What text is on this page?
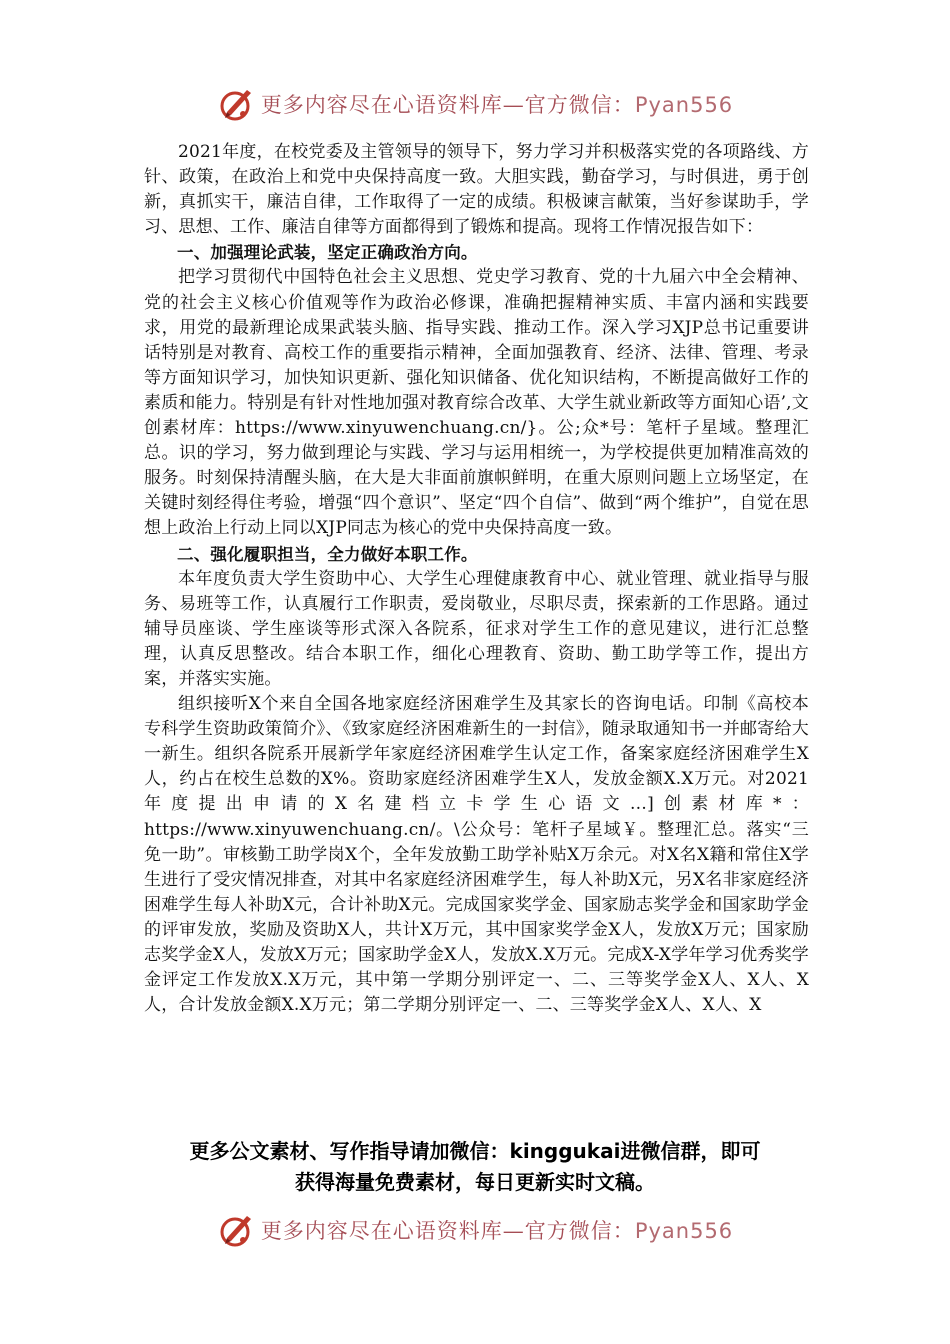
更多内容尽在心语资料库—官方微信：Pyan556

2021年度，在校党委及主管领导的领导下，努力学习并积极落实党的各项路线、方针、政策，在政治上和党中央保持高度一致。大胆实践，勤奋学习，与时俱进，勇于创新，真抓实干，廉洁自律，工作取得了一定的成绩。积极谏言献策，当好参谋助手，学习、思想、工作、廉洁自律等方面都得到了锻炼和提高。现将工作情况报告如下：

一、加强理论武装，坚定正确政治方向。

把学习贯彻代中国特色社会主义思想、党史学习教育、党的十九届六中全会精神、党的社会主义核心价值观等作为政治必修课，准确把握精神实质、丰富内涵和实践要求，用党的最新理论成果武装头脑、指导实践、推动工作。深入学习XJP总书记重要讲话特别是对教育、高校工作的重要指示精神，全面加强教育、经济、法律、管理、考录等方面知识学习，加快知识更新、强化知识储备、优化知识结构，不断提高做好工作的素质和能力。特别是有针对性地加强对教育综合改革、大学生就业新政等方面知心语’,文创素材库：https://www.xinyuwenchuang.cn/}。公;众*号：笔杆子星域。整理汇总。识的学习，努力做到理论与实践、学习与运用相统一，为学校提供更加精准高效的服务。时刻保持清醒头脑，在大是大非面前旗帜鲜明，在重大原则问题上立场坚定，在关键时刻经得住考验，增强“四个意识”、坚定“四个自信”、做到“两个维护”，自觉在思想上政治上行动上同以XJP同志为核心的党中央保持高度一致。

二、强化履职担当，全力做好本职工作。

本年度负责大学生资助中心、大学生心理健康教育中心、就业管理、就业指导与服务、易班等工作，认真履行工作职责，爱岗敬业，尽职尽责，探索新的工作思路。通过辅导员座谈、学生座谈等形式深入各院系，征求对学生工作的意见建议，进行汇总整理，认真反思整改。结合本职工作，细化心理教育、资助、勤工助学等工作，提出方案，并落实实施。

组织接听X个来自全国各地家庭经济困难学生及其家长的咨询电话。印制《高校本专科学生资助政策简介》、《致家庭经济困难新生的一封信》，随录取通知书一并邮寄给大一新生。组织各院系开展新学年家庭经济困难学生认定工作，备案家庭经济困难学生X人，约占在校生总数的X%。资助家庭经济困难学生X人，发放金额X.X万元。对2021年度提出申请的X名建档立卡学生心语文…]创素材库*：https://www.xinyuwenchuang.cn/。\公众号：笔杆子星域￥。整理汇总。落实“三免一助”。审核勤工助学岗X个，全年发放勤工助学补贴X万余元。对X名X籍和常住X学生进行了受灾情况排查，对其中名家庭经济困难学生，每人补助X元，另X名非家庭经济困难学生每人补助X元，合计补助X元。完成国家奖学金、国家励志奖学金和国家助学金的评审发放，奖励及资助X人，共计X万元，其中国家奖学金X人，发放X万元；国家励志奖学金X人，发放X万元；国家助学金X人，发放X.X万元。完成X-X学年学习优秀奖学金评定工作发放X.X万元，其中第一学期分别评定一、二、三等奖学金X人、X人、X人，合计发放金额X.X万元；第二学期分别评定一、二、三等奖学金X人、X人、X

更多公文素材、写作指导请加微信：kinggukai进微信群，即可
获得海量免费素材，每日更新实时文稿。
更多内容尽在心语资料库—官方微信：Pyan556
